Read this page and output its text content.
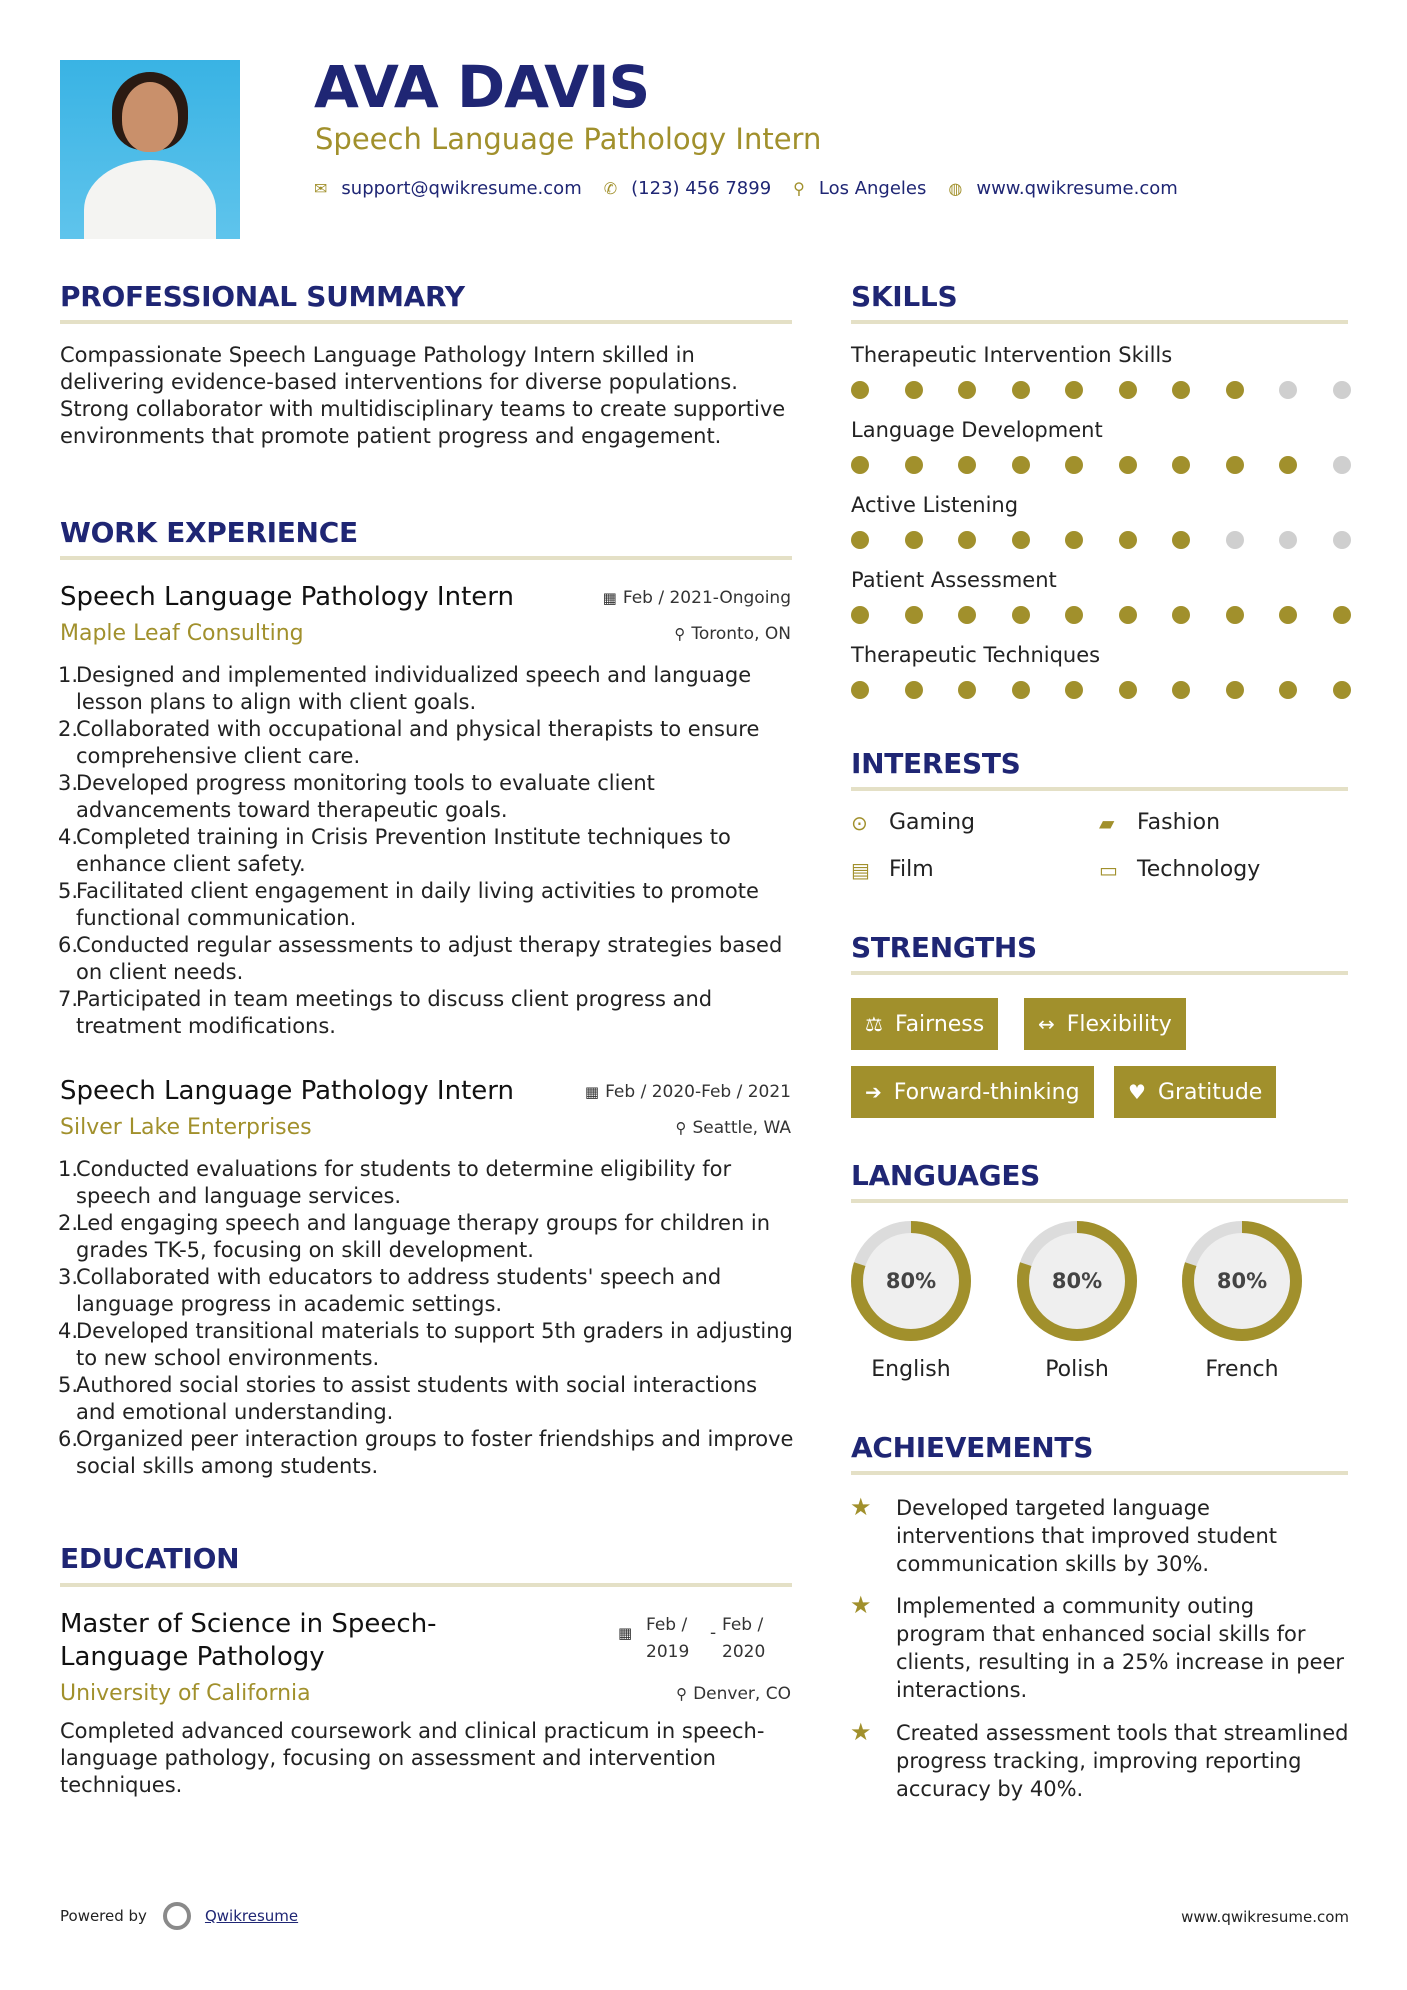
AVA DAVIS
Speech Language Pathology Intern
✉ support@qwikresume.com ✆ (123) 456 7899 ⚲ Los Angeles ◍ www.qwikresume.com
PROFESSIONAL SUMMARY
Compassionate Speech Language Pathology Intern skilled in delivering evidence-based interventions for diverse populations. Strong collaborator with multidisciplinary teams to create supportive environments that promote patient progress and engagement.
WORK EXPERIENCE
Speech Language Pathology Intern	▦ Feb / 2021-Ongoing
Maple Leaf Consulting	⚲ Toronto, ON
1.
Designed and implemented individualized speech and language lesson plans to align with client goals.
2.
Collaborated with occupational and physical therapists to ensure comprehensive client care.
3.
Developed progress monitoring tools to evaluate client advancements toward therapeutic goals.
4.
Completed training in Crisis Prevention Institute techniques to enhance client safety.
5.
Facilitated client engagement in daily living activities to promote functional communication.
6.
Conducted regular assessments to adjust therapy strategies based on client needs.
7.
Participated in team meetings to discuss client progress and treatment modifications.
Speech Language Pathology Intern	▦ Feb / 2020-Feb / 2021
Silver Lake Enterprises	⚲ Seattle, WA
1.
Conducted evaluations for students to determine eligibility for speech and language services.
2.
Led engaging speech and language therapy groups for children in grades TK-5, focusing on skill development.
3.
Collaborated with educators to address students' speech and language progress in academic settings.
4.
Developed transitional materials to support 5th graders in adjusting to new school environments.
5.
Authored social stories to assist students with social interactions and emotional understanding.
6.
Organized peer interaction groups to foster friendships and improve social skills among students.
EDUCATION
Master of Science in Speech-
Language Pathology
▦ Feb /
2019
- Feb /
2020
University of California	⚲ Denver, CO
Completed advanced coursework and clinical practicum in speech-language pathology, focusing on assessment and intervention techniques.
SKILLS
Therapeutic Intervention Skills
Language Development
Active Listening
Patient Assessment
Therapeutic Techniques
INTERESTS
⊙ Gaming	▰	Fashion
▤ Film	▭ Technology
STRENGTHS
⚖ Fairness	↔ Flexibility
➔ Forward-thinking ♥ Gratitude
LANGUAGES
80%
English
80%
Polish
80%
French
ACHIEVEMENTS
★	Developed targeted language interventions that improved student communication skills by 30%.
★	Implemented a community outing program that enhanced social skills for clients, resulting in a 25% increase in peer interactions.
★	Created assessment tools that streamlined progress tracking, improving reporting accuracy by 40%.
Powered by	Qwikresume	www.qwikresume.com
